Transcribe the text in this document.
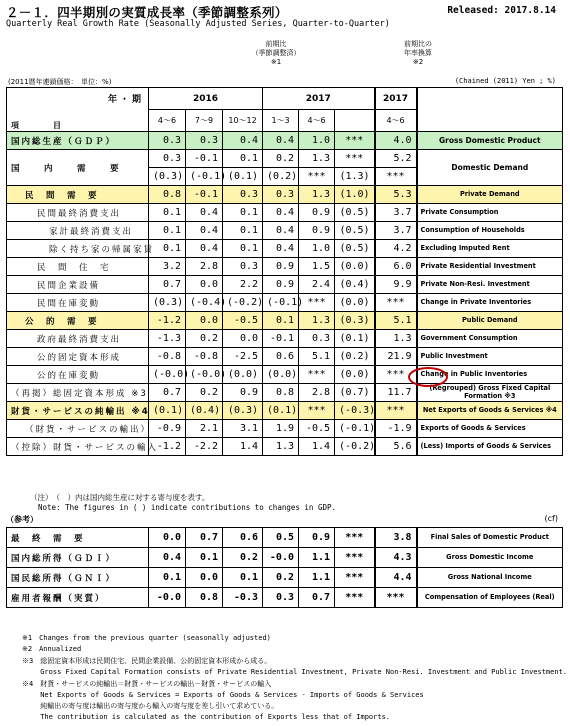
２－１．四半期別の実質成長率（季節調整系列）	Released: 2017.8.14
Quarterly Real Growth Rate (Seasonally Adjusted Series, Quarter-to-Quarter)
前期比
（季節調整済）
※1
前期比の
年率換算
※2
(2011暦年連鎖価格：　単位：%)	(Chained (2011) Yen ; %)
年・期	2016			2017			2017	
項　　目	4～6	7～9	10～12	1～3	4～6		4～6	
国内総生産（ＧＤＰ）	0.3	0.3	0.4	0.4	1.0	***	4.0	Gross Domestic Product
国　内　需　要	0.3	-0.1	0.1	0.2	1.3	***	5.2	Domestic Demand
	(0.3)	(-0.1)	(0.1)	(0.2)	***	(1.3)	***	
民　間　需　要	0.8	-0.1	0.3	0.3	1.3	(1.0)	5.3	Private Demand
民間最終消費支出	0.1	0.4	0.1	0.4	0.9	(0.5)	3.7	Private Consumption
家計最終消費支出	0.1	0.4	0.1	0.4	0.9	(0.5)	3.7	Consumption of Households
除く持ち家の帰属家賃	0.1	0.4	0.1	0.4	1.0	(0.5)	4.2	Excluding Imputed Rent
民　間　住　宅	3.2	2.8	0.3	0.9	1.5	(0.0)	6.0	Private Residential Investment
民間企業設備	0.7	0.0	2.2	0.9	2.4	(0.4)	9.9	Private Non-Resi. Investment
民間在庫変動	(0.3)	(-0.4)	(-0.2)	(-0.1)	***	(0.0)	***	Change in Private Inventories
公　的　需　要	-1.2	0.0	-0.5	0.1	1.3	(0.3)	5.1	Public Demand
政府最終消費支出	-1.3	0.2	0.0	-0.1	0.3	(0.1)	1.3	Government Consumption
公的固定資本形成	-0.8	-0.8	-2.5	0.6	5.1	(0.2)	21.9	Public Investment
公的在庫変動	(-0.0)	(-0.0)	(0.0)	(0.0)	***	(0.0)	***	Change in Public Inventories
（再掲）総固定資本形成 ※3	0.7	0.2	0.9	0.8	2.8	(0.7)	11.7	(Regrouped) Gross Fixed Capital Formation ※3
財貨・サービスの純輸出 ※4	(0.1)	(0.4)	(0.3)	(0.1)	***	(-0.3)	***	Net Exports of Goods & Services ※4
（財貨・サービスの輸出）	-0.9	2.1	3.1	1.9	-0.5	(-0.1)	-1.9	Exports of Goods & Services
（控除）財貨・サービスの輸入	-1.2	-2.2	1.4	1.3	1.4	(-0.2)	5.6	(Less) Imports of Goods & Services
（注）　（　）内は国内総生産に対する寄与度を表す。
Note: The figures in ( ) indicate contributions to changes in GDP.
（参考）	(cf)
最　終　需　要	0.0	0.7	0.6	0.5	0.9	***	3.8	Final Sales of Domestic Product
国内総所得（ＧＤＩ）	0.4	0.1	0.2	-0.0	1.1	***	4.3	Gross Domestic Income
国民総所得（ＧＮＩ）	0.1	0.0	0.1	0.2	1.1	***	4.4	Gross National Income
雇用者報酬（実質）	-0.0	0.8	-0.3	0.3	0.7	***	***	Compensation of Employees (Real)
※1　Changes from the previous quarter (seasonally adjusted)
※2　Annualized
※3　総固定資本形成は民間住宅、民間企業設備、公的固定資本形成から成る。
　　 Gross Fixed Capital Formation consists of Private Residential Investment, Private Non-Resi. Investment and Public Investment.
※4　財貨・サービスの純輸出＝財貨・サービスの輸出－財貨・サービスの輸入
　　 Net Exports of Goods & Services = Exports of Goods & Services - Imports of Goods & Services
　　 純輸出の寄与度は輸出の寄与度から輸入の寄与度を差し引いて求めている。
　　 The contribution is calculated as the contribution of Exports less that of Imports.
